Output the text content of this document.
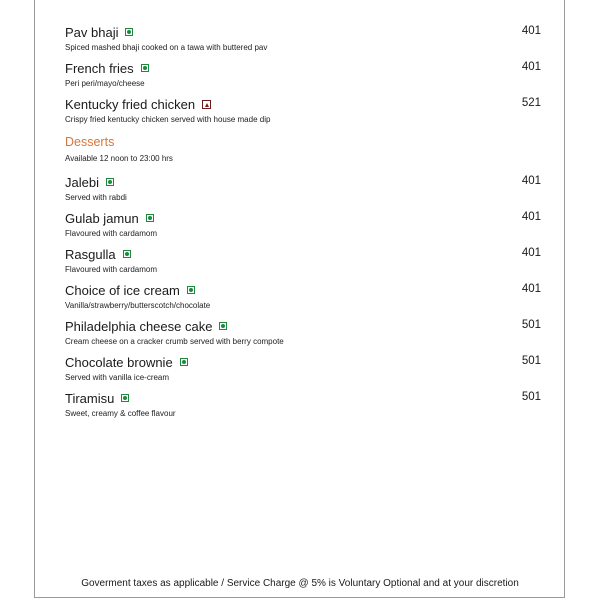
Pav bhaji
Spiced mashed bhaji cooked on a tawa with buttered pav
401
French fries
Peri peri/mayo/cheese
401
Kentucky fried chicken
Crispy fried kentucky chicken served with house made dip
521
Desserts
Available 12 noon to 23:00 hrs
Jalebi
Served with rabdi
401
Gulab jamun
Flavoured with cardamom
401
Rasgulla
Flavoured with cardamom
401
Choice of ice cream
Vanilla/strawberry/butterscotch/chocolate
401
Philadelphia cheese cake
Cream cheese on a cracker crumb served with berry compote
501
Chocolate brownie
Served with vanilla ice-cream
501
Tiramisu
Sweet, creamy & coffee flavour
501
Goverment taxes as applicable / Service Charge @ 5% is Voluntary Optional and at your discretion
